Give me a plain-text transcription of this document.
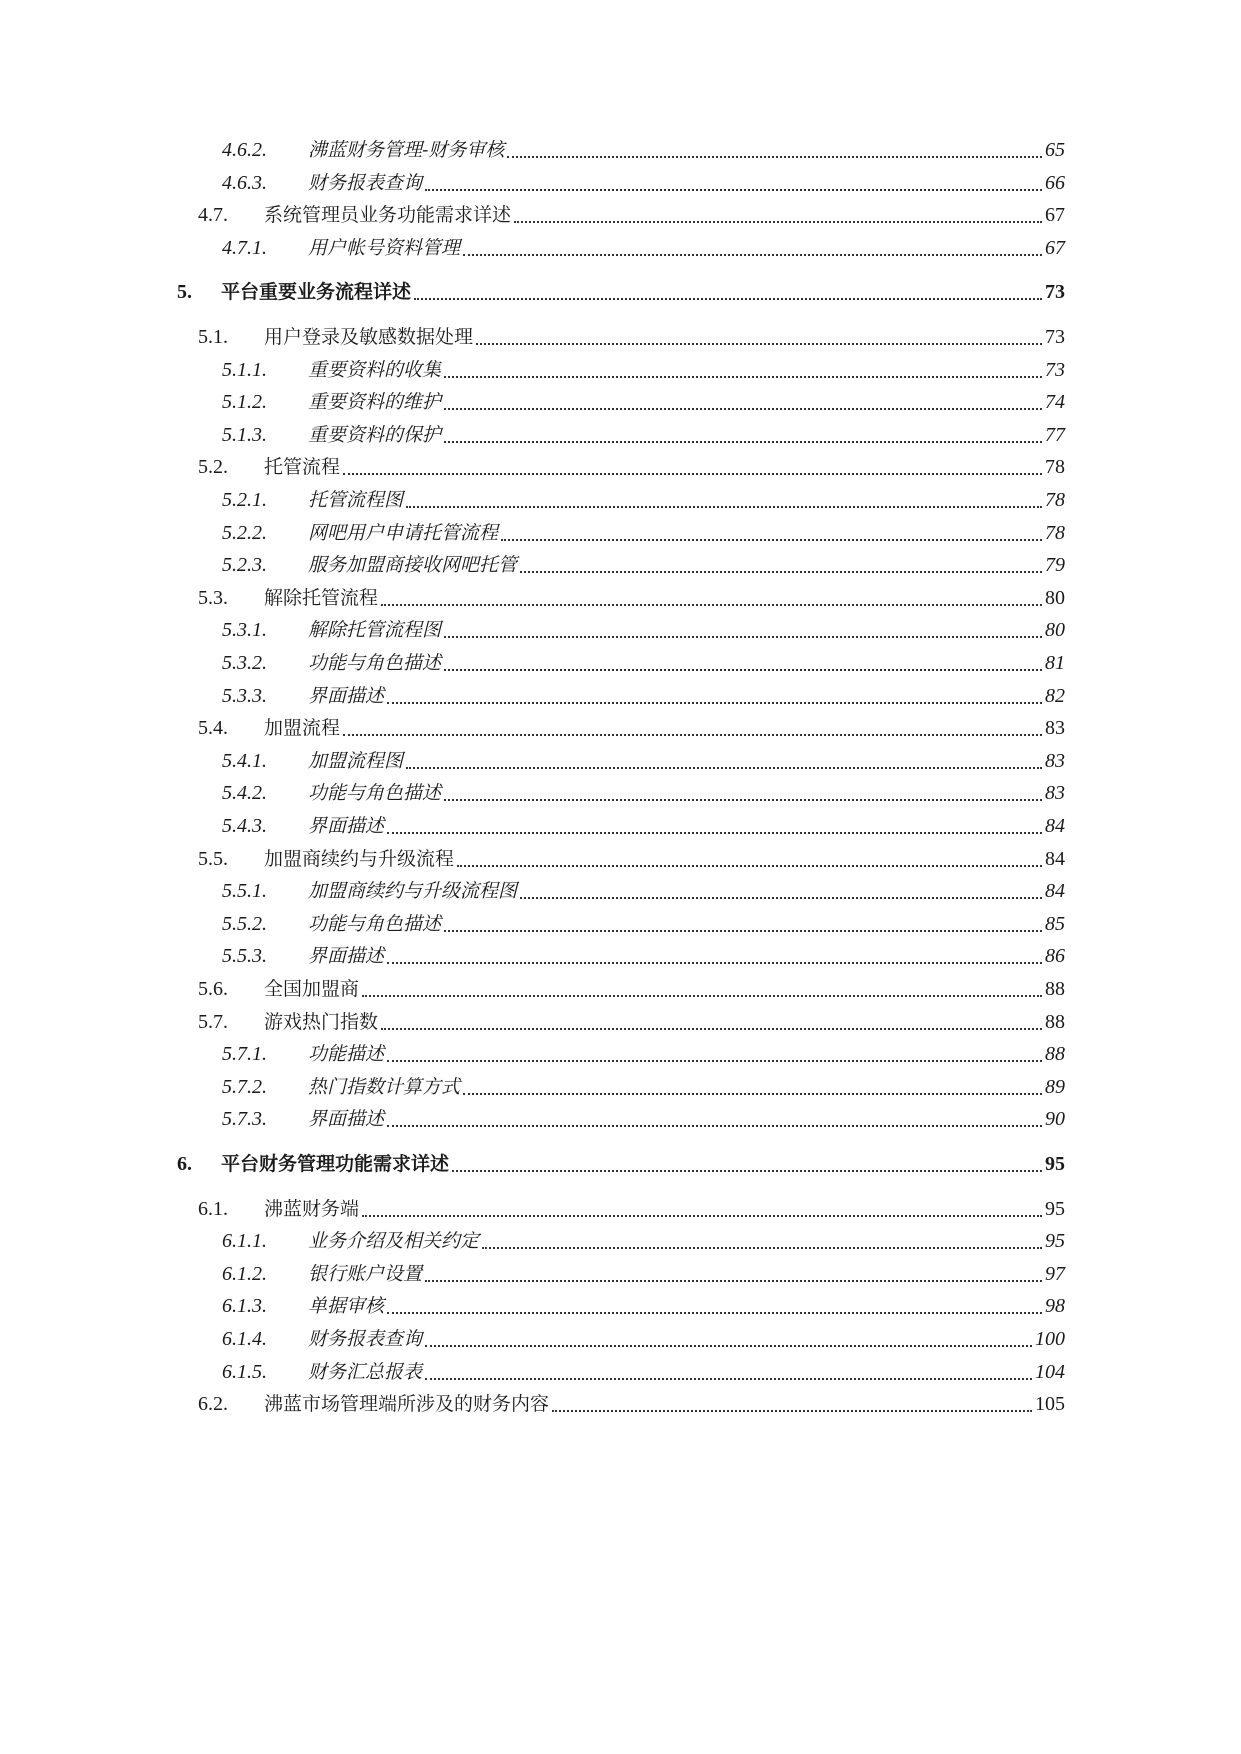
4.6.2.	沸蓝财务管理-财务审核	65
4.6.3.	财务报表查询	66
4.7.	系统管理员业务功能需求详述	67
4.7.1.	用户帐号资料管理	67
5.	平台重要业务流程详述	73
5.1.	用户登录及敏感数据处理	73
5.1.1.	重要资料的收集	73
5.1.2.	重要资料的维护	74
5.1.3.	重要资料的保护	77
5.2.	托管流程	78
5.2.1.	托管流程图	78
5.2.2.	网吧用户申请托管流程	78
5.2.3.	服务加盟商接收网吧托管	79
5.3.	解除托管流程	80
5.3.1.	解除托管流程图	80
5.3.2.	功能与角色描述	81
5.3.3.	界面描述	82
5.4.	加盟流程	83
5.4.1.	加盟流程图	83
5.4.2.	功能与角色描述	83
5.4.3.	界面描述	84
5.5.	加盟商续约与升级流程	84
5.5.1.	加盟商续约与升级流程图	84
5.5.2.	功能与角色描述	85
5.5.3.	界面描述	86
5.6.	全国加盟商	88
5.7.	游戏热门指数	88
5.7.1.	功能描述	88
5.7.2.	热门指数计算方式	89
5.7.3.	界面描述	90
6.	平台财务管理功能需求详述	95
6.1.	沸蓝财务端	95
6.1.1.	业务介绍及相关约定	95
6.1.2.	银行账户设置	97
6.1.3.	单据审核	98
6.1.4.	财务报表查询	100
6.1.5.	财务汇总报表	104
6.2.	沸蓝市场管理端所涉及的财务内容	105
